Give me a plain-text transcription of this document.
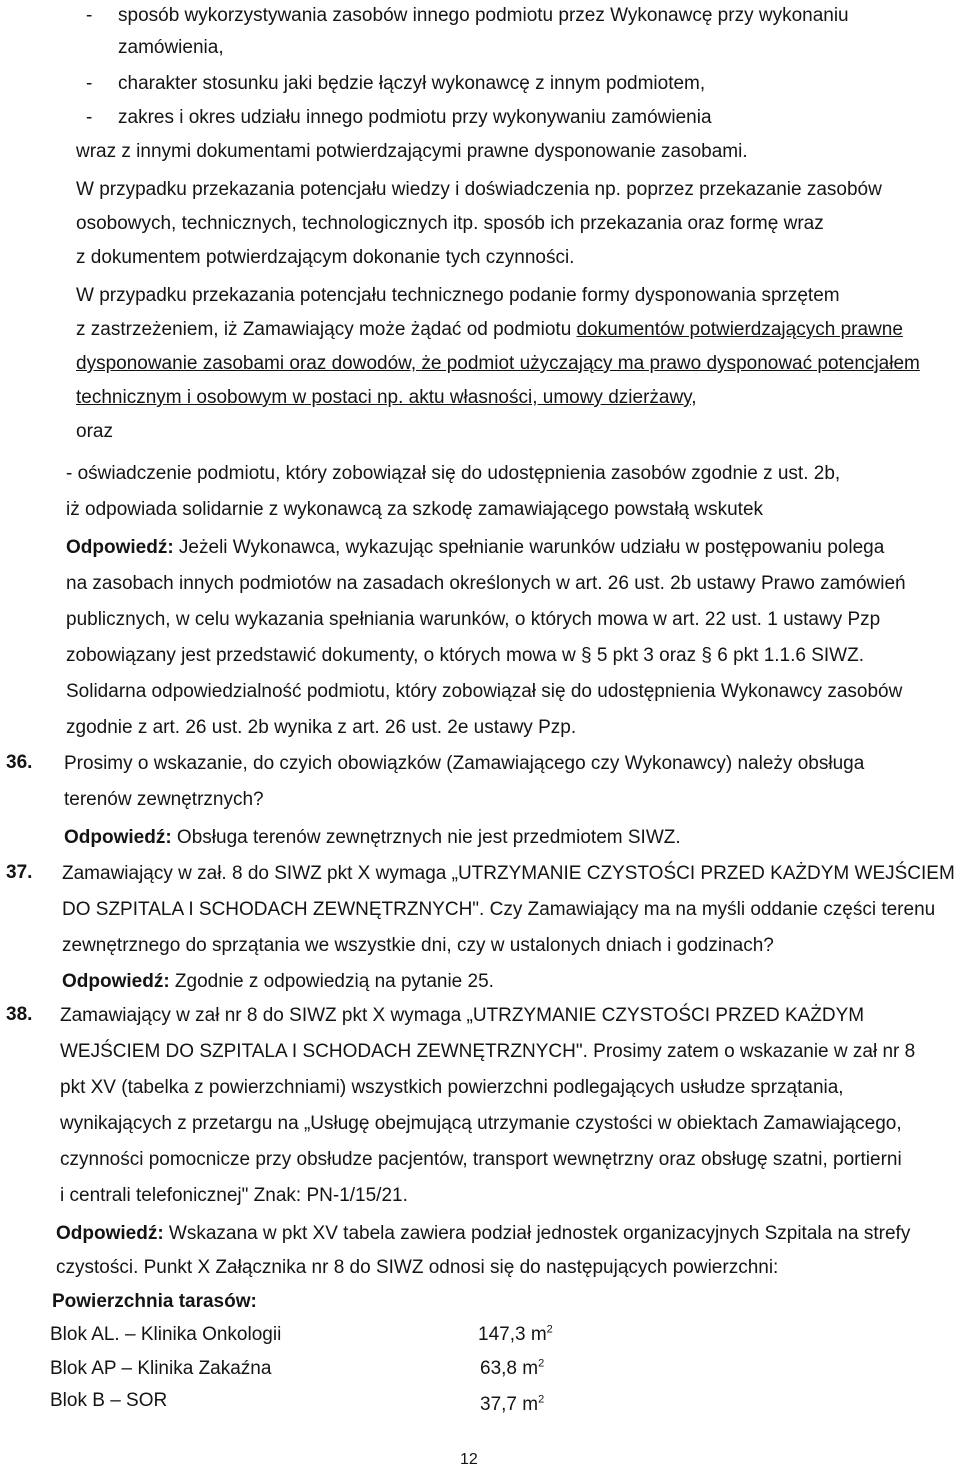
- sposób wykorzystywania zasobów innego podmiotu przez Wykonawcę przy wykonaniu
zamówienia,
- charakter stosunku jaki będzie łączył wykonawcę z innym podmiotem,
- zakres i okres udziału innego podmiotu przy wykonywaniu zamówienia
wraz z innymi dokumentami potwierdzającymi prawne dysponowanie zasobami.
W przypadku przekazania potencjału wiedzy i doświadczenia np. poprzez przekazanie zasobów
osobowych, technicznych, technologicznych itp. sposób ich przekazania oraz formę wraz
z dokumentem potwierdzającym dokonanie tych czynności.
W przypadku przekazania potencjału technicznego podanie formy dysponowania sprzętem
z zastrzeżeniem, iż Zamawiający może żądać od podmiotu dokumentów potwierdzających prawne
dysponowanie zasobami oraz dowodów, że podmiot użyczający ma prawo dysponować potencjałem
technicznym i osobowym w postaci np. aktu własności, umowy dzierżawy,
oraz
- oświadczenie podmiotu, który zobowiązał się do udostępnienia zasobów zgodnie z ust. 2b,
iż odpowiada solidarnie z wykonawcą za szkodę zamawiającego powstałą wskutek
Odpowiedź: Jeżeli Wykonawca, wykazując spełnianie warunków udziału w postępowaniu polega
na zasobach innych podmiotów na zasadach określonych w art. 26 ust. 2b ustawy Prawo zamówień
publicznych, w celu wykazania spełniania warunków, o których mowa w art. 22 ust. 1 ustawy Pzp
zobowiązany jest przedstawić dokumenty, o których mowa w § 5 pkt 3 oraz § 6 pkt 1.1.6 SIWZ.
Solidarna odpowiedzialność podmiotu, który zobowiązał się do udostępnienia Wykonawcy zasobów
zgodnie z art. 26 ust. 2b wynika z art. 26 ust. 2e ustawy Pzp.
36. Prosimy o wskazanie, do czyich obowiązków (Zamawiającego czy Wykonawcy) należy obsługa
terenów zewnętrznych?
Odpowiedź: Obsługa terenów zewnętrznych nie jest przedmiotem SIWZ.
37. Zamawiający w zał. 8 do SIWZ pkt X wymaga „UTRZYMANIE CZYSTOŚCI PRZED KAŻDYM WEJŚCIEM
DO SZPITALA I SCHODACH ZEWNĘTRZNYCH". Czy Zamawiający ma na myśli oddanie części terenu
zewnętrznego do sprzątania we wszystkie dni, czy w ustalonych dniach i godzinach?
Odpowiedź: Zgodnie z odpowiedzią na pytanie 25.
38. Zamawiający w zał nr 8 do SIWZ pkt X wymaga „UTRZYMANIE CZYSTOŚCI PRZED KAŻDYM
WEJŚCIEM DO SZPITALA I SCHODACH ZEWNĘTRZNYCH". Prosimy zatem o wskazanie w zał nr 8
pkt XV (tabelka z powierzchniami) wszystkich powierzchni podlegających usłudze sprzątania,
wynikających z przetargu na „Usługę obejmującą utrzymanie czystości w obiektach Zamawiającego,
czynności pomocnicze przy obsłudze pacjentów, transport wewnętrzny oraz obsługę szatni, portierni
i centrali telefonicznej" Znak: PN-1/15/21.
Odpowiedź: Wskazana w pkt XV tabela zawiera podział jednostek organizacyjnych Szpitala na strefy
czystości. Punkt X Załącznika nr 8 do SIWZ odnosi się do następujących powierzchni:
Powierzchnia tarasów:
Blok AL. – Klinika Onkologii	147,3 $m^2$
Blok AP – Klinika Zakaźna	63,8 $m^2$
Blok B – SOR	37,7 $m^2$
12
